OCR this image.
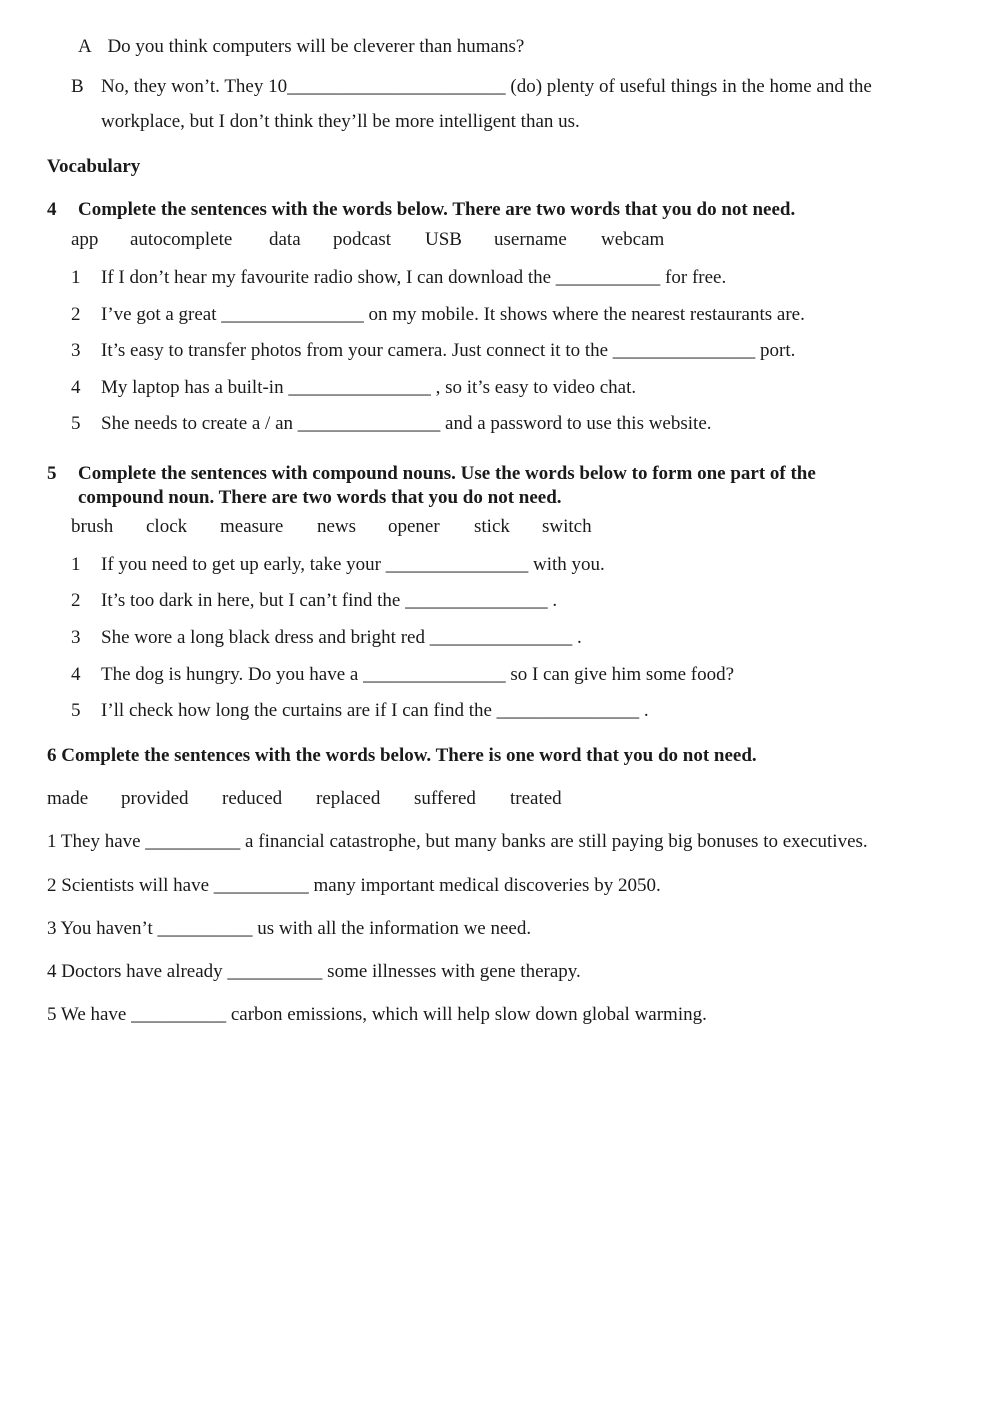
A Do you think computers will be cleverer than humans?
B No, they won’t. They 10_______________________ (do) plenty of useful things in the home and the
workplace, but I don’t think they’ll be more intelligent than us.
Vocabulary
4 Complete the sentences with the words below. There are two words that you do not need.
app autocomplete data podcast USB username webcam
1 If I don’t hear my favourite radio show, I can download the ___________ for free.
2 I’ve got a great _______________ on my mobile. It shows where the nearest restaurants are.
3 It’s easy to transfer photos from your camera. Just connect it to the _______________ port.
4 My laptop has a built-in _______________ , so it’s easy to video chat.
5 She needs to create a / an _______________ and a password to use this website.
5 Complete the sentences with compound nouns. Use the words below to form one part of the
compound noun. There are two words that you do not need.
brush clock measure news opener stick switch
1 If you need to get up early, take your _______________ with you.
2 It’s too dark in here, but I can’t find the _______________ .
3 She wore a long black dress and bright red _______________ .
4 The dog is hungry. Do you have a _______________ so I can give him some food?
5 I’ll check how long the curtains are if I can find the _______________ .
6 Complete the sentences with the words below. There is one word that you do not need.
made provided reduced replaced suffered treated
1 They have __________ a financial catastrophe, but many banks are still paying big bonuses to executives.
2 Scientists will have __________ many important medical discoveries by 2050.
3 You haven’t __________ us with all the information we need.
4 Doctors have already __________ some illnesses with gene therapy.
5 We have __________ carbon emissions, which will help slow down global warming.
